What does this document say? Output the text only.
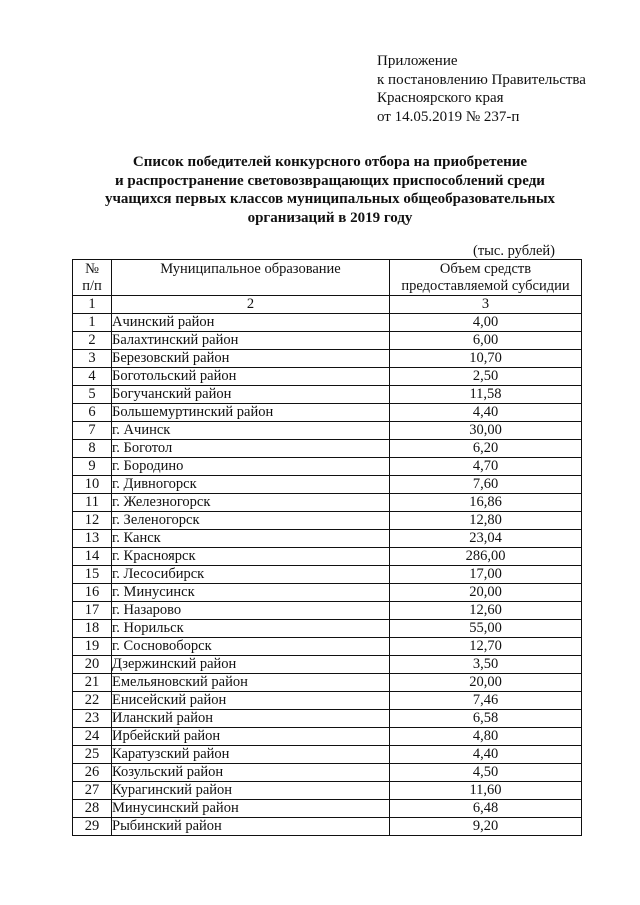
Приложение
к постановлению Правительства
Красноярского края
от 14.05.2019 № 237-п
Список победителей конкурсного отбора на приобретение
и распространение световозвращающих приспособлений среди
учащихся первых классов муниципальных общеобразовательных
организаций в 2019 году
(тыс. рублей)
№
п/п	Муниципальное образование	Объем средств
предоставляемой субсидии
1	2	3
1	Ачинский район	4,00
2	Балахтинский район	6,00
3	Березовский район	10,70
4	Боготольский район	2,50
5	Богучанский район	11,58
6	Большемуртинский район	4,40
7	г. Ачинск	30,00
8	г. Боготол	6,20
9	г. Бородино	4,70
10	г. Дивногорск	7,60
11	г. Железногорск	16,86
12	г. Зеленогорск	12,80
13	г. Канск	23,04
14	г. Красноярск	286,00
15	г. Лесосибирск	17,00
16	г. Минусинск	20,00
17	г. Назарово	12,60
18	г. Норильск	55,00
19	г. Сосновоборск	12,70
20	Дзержинский район	3,50
21	Емельяновский район	20,00
22	Енисейский район	7,46
23	Иланский район	6,58
24	Ирбейский район	4,80
25	Каратузский район	4,40
26	Козульский район	4,50
27	Курагинский район	11,60
28	Минусинский район	6,48
29	Рыбинский район	9,20
